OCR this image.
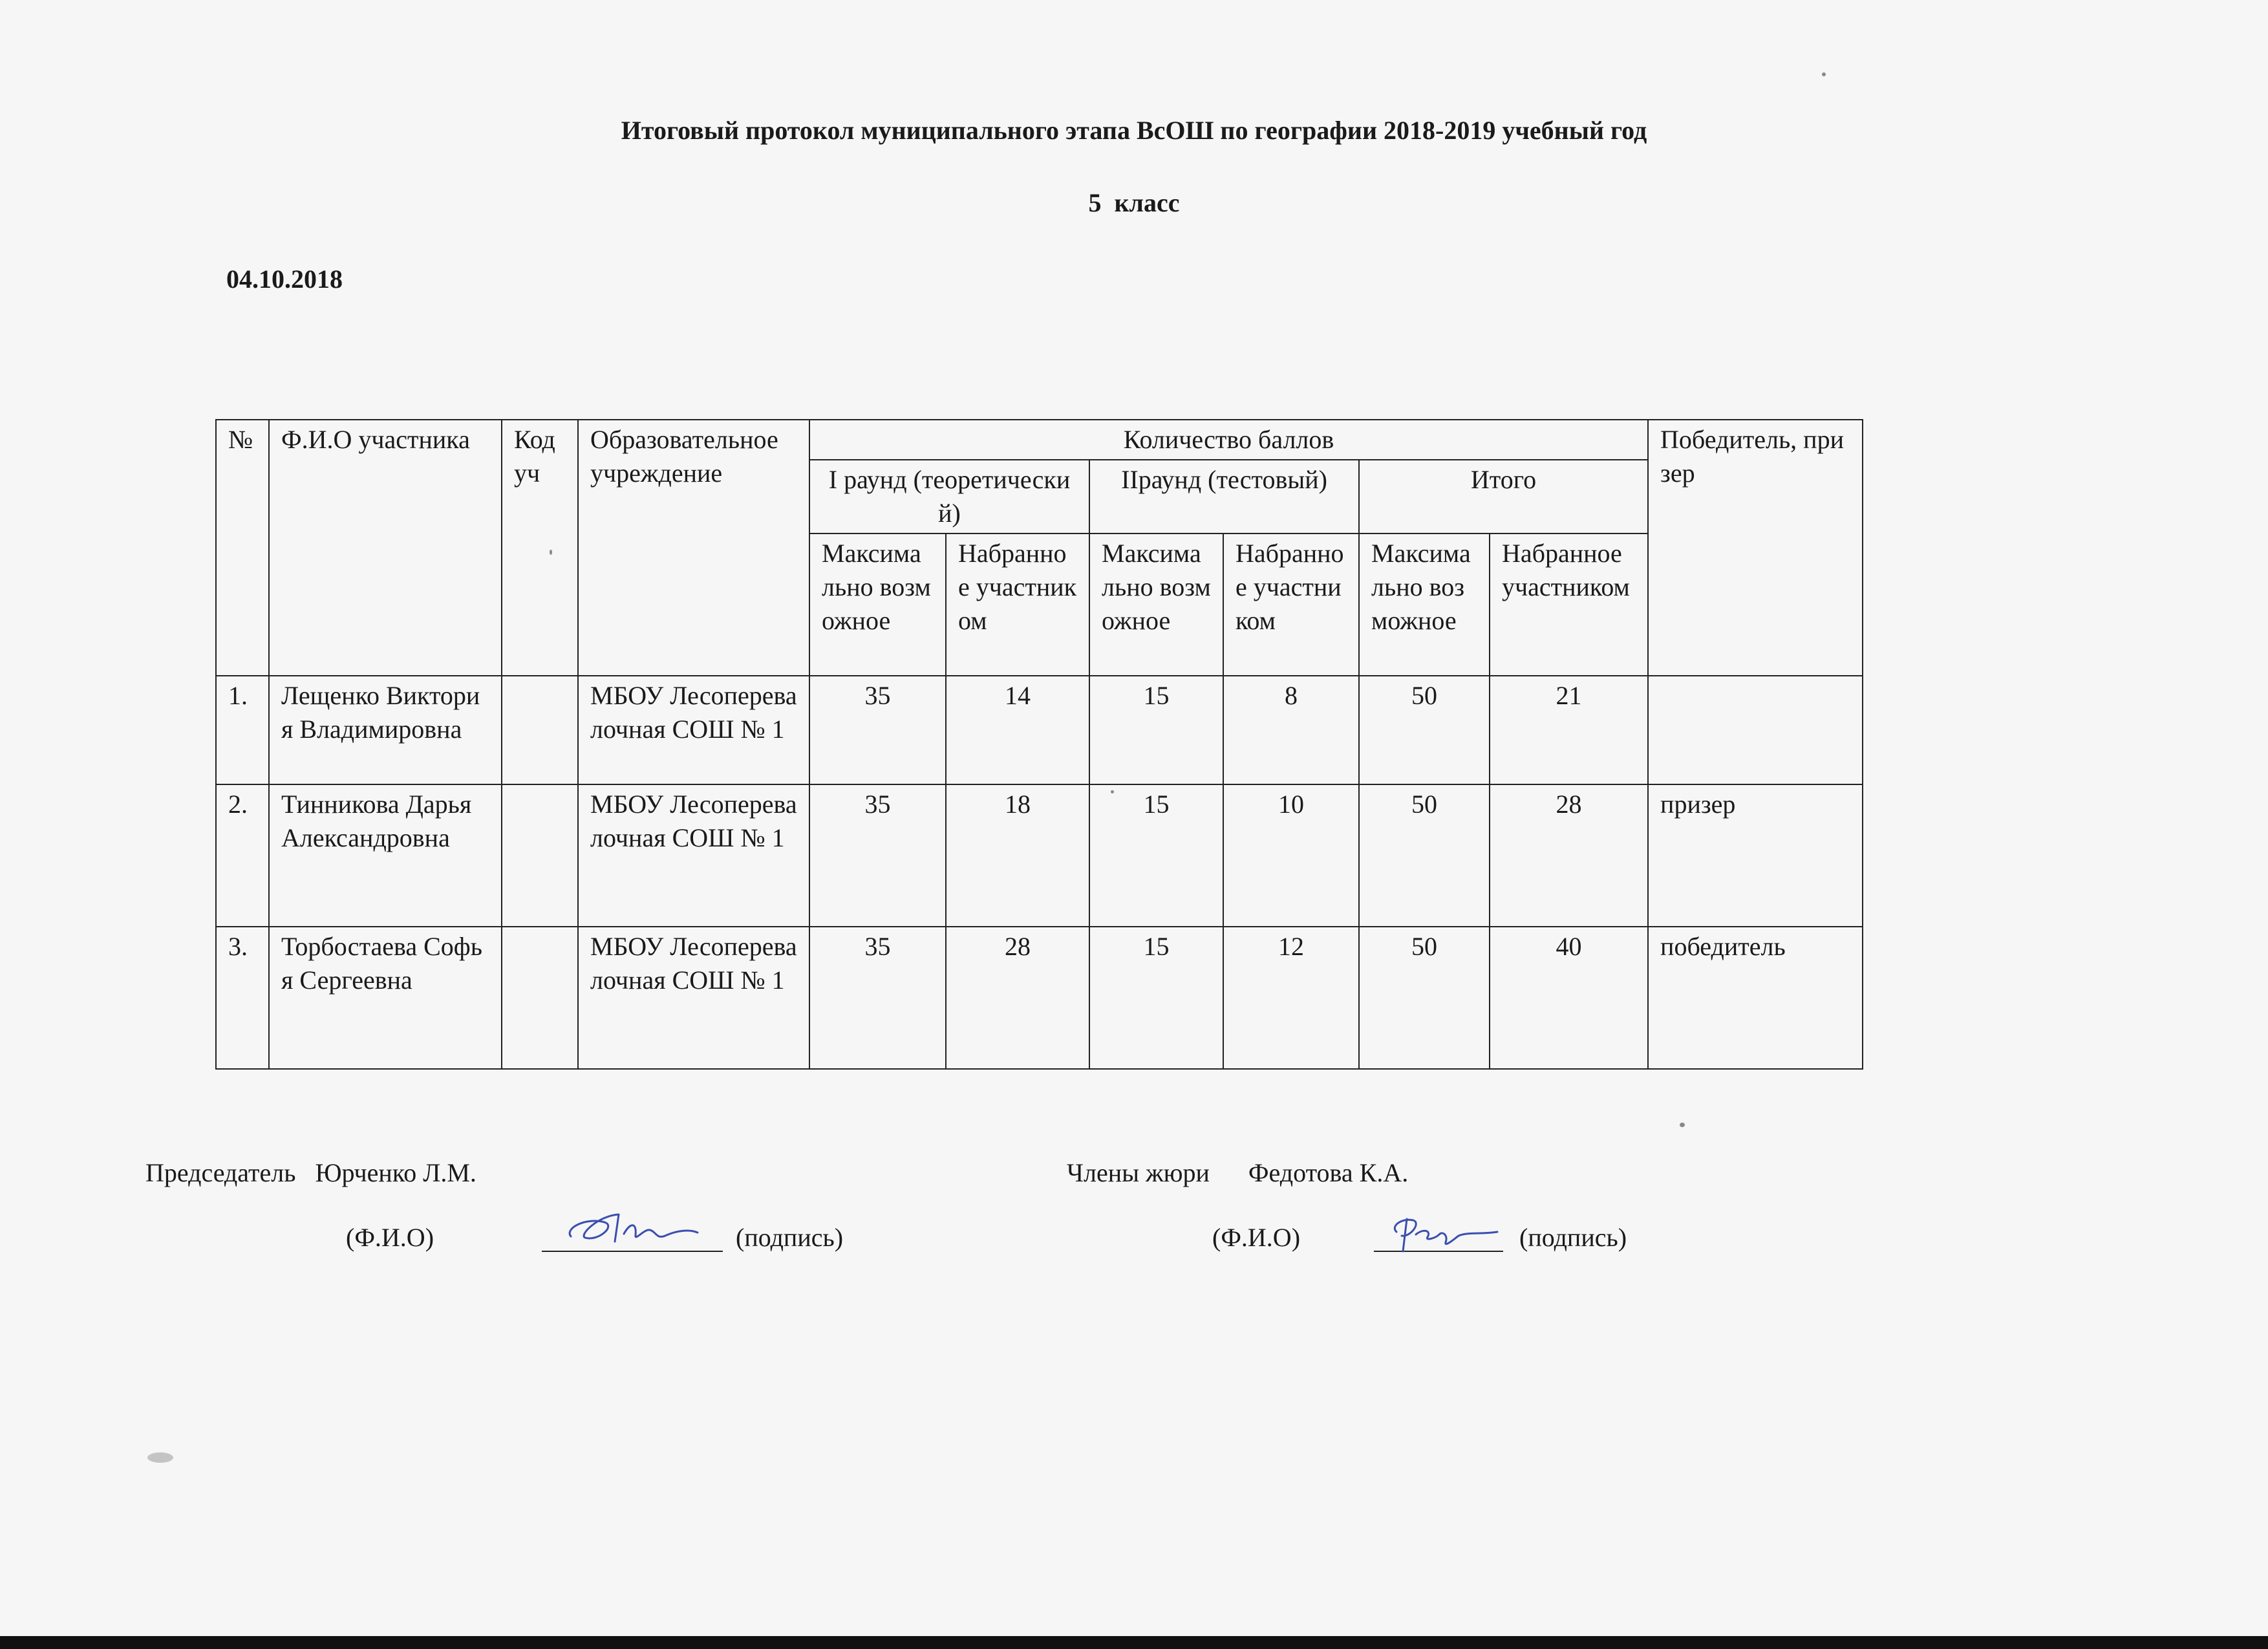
Итоговый протокол муниципального этапа ВсОШ по географии 2018-2019 учебный год
5  класс
04.10.2018
№	Ф.И.О участника	Код уч	Образовательное учреждение	Количество баллов						Победитель, призер
				I раунд (теоретический)		IIраунд (тестовый)		Итого		
				Максимально возможное	Набранное участником	Максимально возможное	Набранное участником	Максимально возможное	Набранное участником	
1.	Лещенко Виктория Владимировна		МБОУ Лесоперевалочная СОШ № 1	35	14	15	8	50	21	
2.	Тинникова Дарья Александровна		МБОУ Лесоперевалочная СОШ № 1	35	18	15	10	50	28	призер
3.	Торбостаева Софья Сергеевна		МБОУ Лесоперевалочная СОШ № 1	35	28	15	12	50	40	победитель
Председатель   Юрченко Л.М.	Члены жюри      Федотова К.А.
(Ф.И.О)	(подпись)	(Ф.И.О)	(подпись)
